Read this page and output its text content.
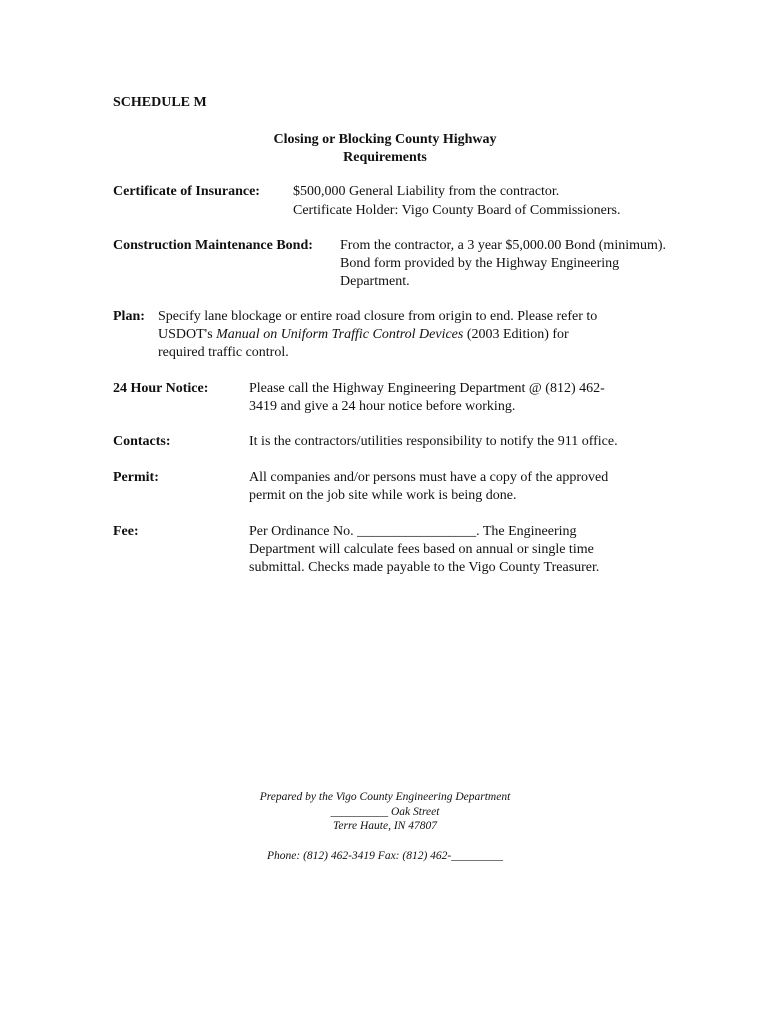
SCHEDULE M
Closing or Blocking County Highway
Requirements
Certificate of Insurance: $500,000 General Liability from the contractor.
Certificate Holder: Vigo County Board of Commissioners.
Construction Maintenance Bond: From the contractor, a 3 year $5,000.00 Bond (minimum).
Bond form provided by the Highway Engineering
Department.
Plan: Specify lane blockage or entire road closure from origin to end. Please refer to
USDOT's Manual on Uniform Traffic Control Devices (2003 Edition) for
required traffic control.
24 Hour Notice:	Please call the Highway Engineering Department @ (812) 462-
3419 and give a 24 hour notice before working.
Contacts:	It is the contractors/utilities responsibility to notify the 911 office.
Permit:	All companies and/or persons must have a copy of the approved
permit on the job site while work is being done.
Fee:	Per Ordinance No. _________________. The Engineering
Department will calculate fees based on annual or single time
submittal. Checks made payable to the Vigo County Treasurer.
Prepared by the Vigo County Engineering Department
__________ Oak Street
Terre Haute, IN 47807
Phone: (812) 462-3419 Fax: (812) 462-_________
